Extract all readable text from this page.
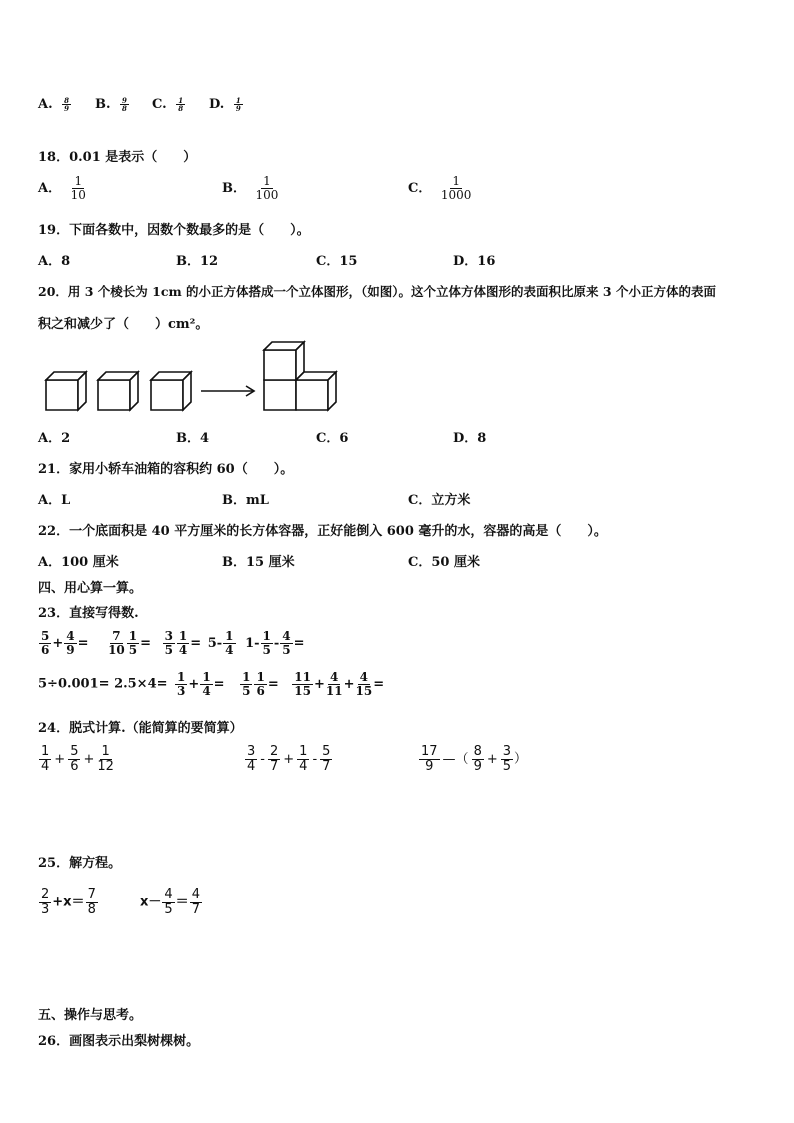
A. $\frac{8}{9} B$. $\frac{9}{8} C$. $\frac{1}{8} D$. $\frac{1}{9}$
18．0.01 是表示（　　）
A． $\frac{1}{10}$	B． $\frac{1}{100}$	C． $\frac{1}{1000}$
19．下面各数中，因数个数最多的是（　　）。
A．8	B．12	C．15	D．16
20．用 3 个棱长为 1cm 的小正方体搭成一个立体图形，（如图）。这个立体方体图形的表面积比原来 3 个小正方体的表面
积之和减少了（　　）cm²。
A．2	B．4	C．6	D．8
21．家用小轿车油箱的容积约 60（　　）。
A．L	B．mL	C．立方米
22．一个底面积是 40 平方厘米的长方体容器，正好能倒入 600 毫升的水，容器的高是（　　）。
A．100 厘米	B．15 厘米	C．50 厘米
四、用心算一算。
23．直接写得数.
$\frac{5}{6} + \frac{4}{9} = \frac{7}{10} \frac{1}{5} = \frac{3}{5} \frac{1}{4} = 5- \frac{1}{4} 1- \frac{1}{5} - \frac{4}{5}$ =
$5\div 0.001= 2.5\times 4= \frac{1}{3} + \frac{1}{4} = \frac{1}{5} \frac{1}{6} = \frac{11}{15} + \frac{4}{11} + \frac{4}{15}$ =
24．脱式计算.（能简算的要简算）
$\frac{1}{4} + \frac{5}{6} + \frac{1}{12}$	$\frac{3}{4} - \frac{2}{7} + \frac{1}{4} - \frac{5}{7}$	$\frac{17}{9}$ —（ $\frac{8}{9} + \frac{3}{5}$ ）
25．解方程。
$\frac{2}{3} +x= \frac{7}{8}$	$x- \frac{4}{5} = \frac{4}{7}$
五、操作与思考。
26．画图表示出梨树棵树。
